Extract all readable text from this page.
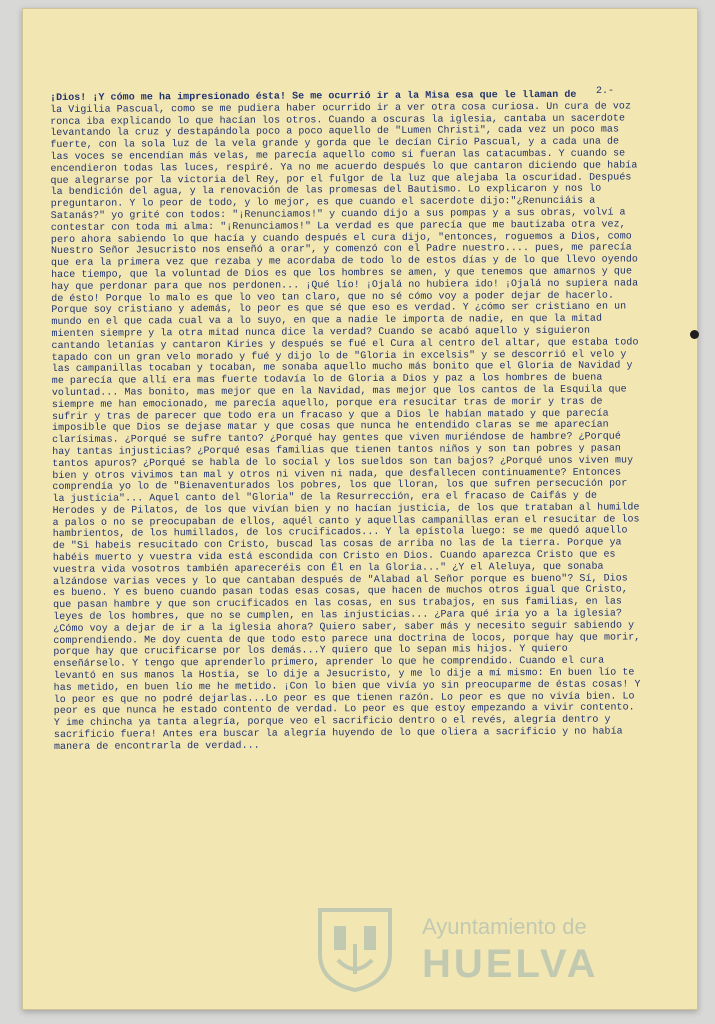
2.-

¡Dios! ¡Y cómo me ha impresionado ésta! Se me ocurrió ir a la Misa esa que le llaman de

la Vigilia Pascual, como se me pudiera haber ocurrido ir a ver otra cosa curiosa. Un cura de voz ronca iba explicando lo que hacían los otros. Cuando a oscuras la iglesia, cantaba un sacerdote levantando la cruz y destapándola poco a poco aquello de "Lumen Christi", cada vez un poco mas fuerte, con la sola luz de la vela grande y gorda que le decían Cirio Pascual, y a cada una de las voces se encendían más velas, me parecía aquello como si fueran las catacumbas. Y cuando se encendieron todas las luces, respiré. Ya no me acuerdo después lo que cantaron diciendo que había que alegrarse por la victoria del Rey, por el fulgor de la luz que alejaba la oscuridad. Después la bendición del agua, y la renovación de las promesas del Bautismo. Lo explicaron y nos lo preguntaron. Y lo peor de todo, y lo mejor, es que cuando el sacerdote dijo:"¿Renunciáis a Satanás?" yo grité con todos: "¡Renunciamos!" y cuando dijo a sus pompas y a sus obras, volví a contestar con toda mi alma: "¡Renunciamos!" La verdad es que parecía que me bautizaba otra vez, pero ahora sabiendo lo que hacía y cuando después el cura dijo, "entonces, roguemos a Dios, como Nuestro Señor Jesucristo nos enseñó a orar", y comenzó con el Padre nuestro.... pues, me parecía que era la primera vez que rezaba y me acordaba de todo lo de estos días y de lo que llevo oyendo hace tiempo, que la voluntad de Dios es que los hombres se amen, y que tenemos que amarnos y que hay que perdonar para que nos perdonen... ¡Qué lío! ¡Ojalá no hubiera ido! ¡Ojalá no supiera nada de ésto! Porque lo malo es que lo veo tan claro, que no sé cómo voy a poder dejar de hacerlo. Porque soy cristiano y además, lo peor es que sé que eso es verdad. Y ¿cómo ser cristiano en un mundo en el que cada cual va a lo suyo, en que a nadie le importa de nadie, en que la mitad mienten siempre y la otra mitad nunca dice la verdad? Cuando se acabó aquello y siguieron cantando letanías y cantaron Kiries y después se fué el Cura al centro del altar, que estaba todo tapado con un gran velo morado y fué y dijo lo de "Gloria in excelsis" y se descorrió el velo y las campanillas tocaban y tocaban, me sonaba aquello mucho más bonito que el Gloria de Navidad y me parecía que allí era mas fuerte todavía lo de Gloria a Dios y paz a los hombres de buena voluntad... Mas bonito, mas mejor que en la Navidad, mas mejor que los cantos de la Esquila que siempre me han emocionado, me parecía aquello, porque era resucitar tras de morir y tras de sufrir y tras de parecer que todo era un fracaso y que a Dios le habían matado y que parecía imposible que Dios se dejase matar y que cosas que nunca he entendido claras se me aparecían clarísimas. ¿Porqué se sufre tanto? ¿Porqué hay gentes que viven muriéndose de hambre? ¿Porqué hay tantas injusticias? ¿Porqué esas familias que tienen tantos niños y son tan pobres y pasan tantos apuros? ¿Porqué se habla de lo social y los sueldos son tan bajos? ¿Porqué unos viven muy bien y otros vivimos tan mal y otros ni viven ni nada, que desfallecen continuamente? Entonces comprendía yo lo de "Bienaventurados los pobres, los que lloran, los que sufren persecución por la justicia"... Aquel canto del "Gloria" de la Resurrección, era el fracaso de Caifás y de Herodes y de Pilatos, de los que vivían bien y no hacían justicia, de los que trataban al humilde a palos o no se preocupaban de ellos, aquél canto y aquellas campanillas eran el resucitar de los hambrientos, de los humillados, de los crucificados... Y la epístola luego: se me quedó aquello de "Si habeis resucitado con Cristo, buscad las cosas de arriba no las de la tierra. Porque ya habéis muerto y vuestra vida está escondida con Cristo en Dios. Cuando aparezca Cristo que es vuestra vida vosotros también apareceréis con Él en la Gloria..." ¿Y el Aleluya, que sonaba alzándose varias veces y lo que cantaban después de "Alabad al Señor porque es bueno"? Sí, Dios es bueno. Y es bueno cuando pasan todas esas cosas, que hacen de muchos otros igual que Cristo, que pasan hambre y que son crucificados en las cosas, en sus trabajos, en sus familias, en las leyes de los hombres, que no se cumplen, en las injusticias... ¿Para qué iría yo a la iglesia? ¿Cómo voy a dejar de ir a la iglesia ahora? Quiero saber, saber más y necesito seguir sabiendo y comprendiendo. Me doy cuenta de que todo esto parece una doctrina de locos, porque hay que morir, porque hay que crucificarse por los demás...Y quiero que lo sepan mis hijos. Y quiero enseñárselo. Y tengo que aprenderlo primero, aprender lo que he comprendido. Cuando el cura levantó en sus manos la Hostia, se lo dije a Jesucristo, y me lo dije a mí mismo: En buen lío te has metido, en buen lío me he metido. ¡Con lo bien que vivía yo sin preocuparme de éstas cosas! Y lo peor es que no podré dejarlas...Lo peor es que tienen razón. Lo peor es que no vivía bien. Lo peor es que nunca he estado contento de verdad. Lo peor es que estoy empezando a vivir contento. Y ime chincha ya tanta alegría, porque veo el sacrificio dentro o el revés, alegría dentro y sacrificio fuera! Antes era buscar la alegría huyendo de lo que oliera a sacrificio y no había manera de encontrarla de verdad...

Ayuntamiento de
HUELVA
